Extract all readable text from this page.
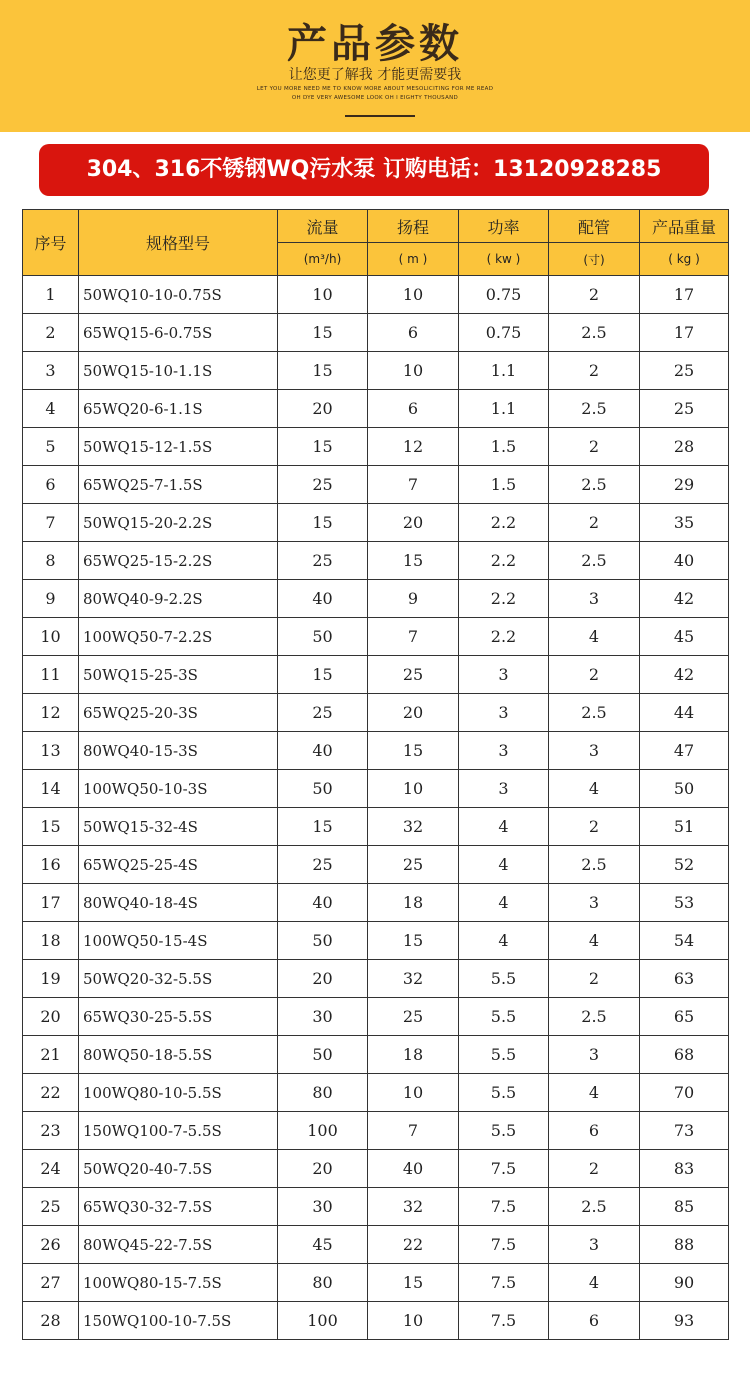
产品参数
让您更了解我 才能更需要我
LET YOU MORE NEED ME TO KNOW MORE ABOUT MESOLICITING FOR ME READ
OH DYE VERY AWESOME LOOK OH I EIGHTY THOUSAND
304、316不锈钢WQ污水泵 订购电话：13120928285
序号	规格型号	流量	扬程	功率	配管	产品重量
		(m³/h)	( m )	( kw )	(寸)	( kg )
1	50WQ10-10-0.75S	10	10	0.75	2	17
2	65WQ15-6-0.75S	15	6	0.75	2.5	17
3	50WQ15-10-1.1S	15	10	1.1	2	25
4	65WQ20-6-1.1S	20	6	1.1	2.5	25
5	50WQ15-12-1.5S	15	12	1.5	2	28
6	65WQ25-7-1.5S	25	7	1.5	2.5	29
7	50WQ15-20-2.2S	15	20	2.2	2	35
8	65WQ25-15-2.2S	25	15	2.2	2.5	40
9	80WQ40-9-2.2S	40	9	2.2	3	42
10	100WQ50-7-2.2S	50	7	2.2	4	45
11	50WQ15-25-3S	15	25	3	2	42
12	65WQ25-20-3S	25	20	3	2.5	44
13	80WQ40-15-3S	40	15	3	3	47
14	100WQ50-10-3S	50	10	3	4	50
15	50WQ15-32-4S	15	32	4	2	51
16	65WQ25-25-4S	25	25	4	2.5	52
17	80WQ40-18-4S	40	18	4	3	53
18	100WQ50-15-4S	50	15	4	4	54
19	50WQ20-32-5.5S	20	32	5.5	2	63
20	65WQ30-25-5.5S	30	25	5.5	2.5	65
21	80WQ50-18-5.5S	50	18	5.5	3	68
22	100WQ80-10-5.5S	80	10	5.5	4	70
23	150WQ100-7-5.5S	100	7	5.5	6	73
24	50WQ20-40-7.5S	20	40	7.5	2	83
25	65WQ30-32-7.5S	30	32	7.5	2.5	85
26	80WQ45-22-7.5S	45	22	7.5	3	88
27	100WQ80-15-7.5S	80	15	7.5	4	90
28	150WQ100-10-7.5S	100	10	7.5	6	93
